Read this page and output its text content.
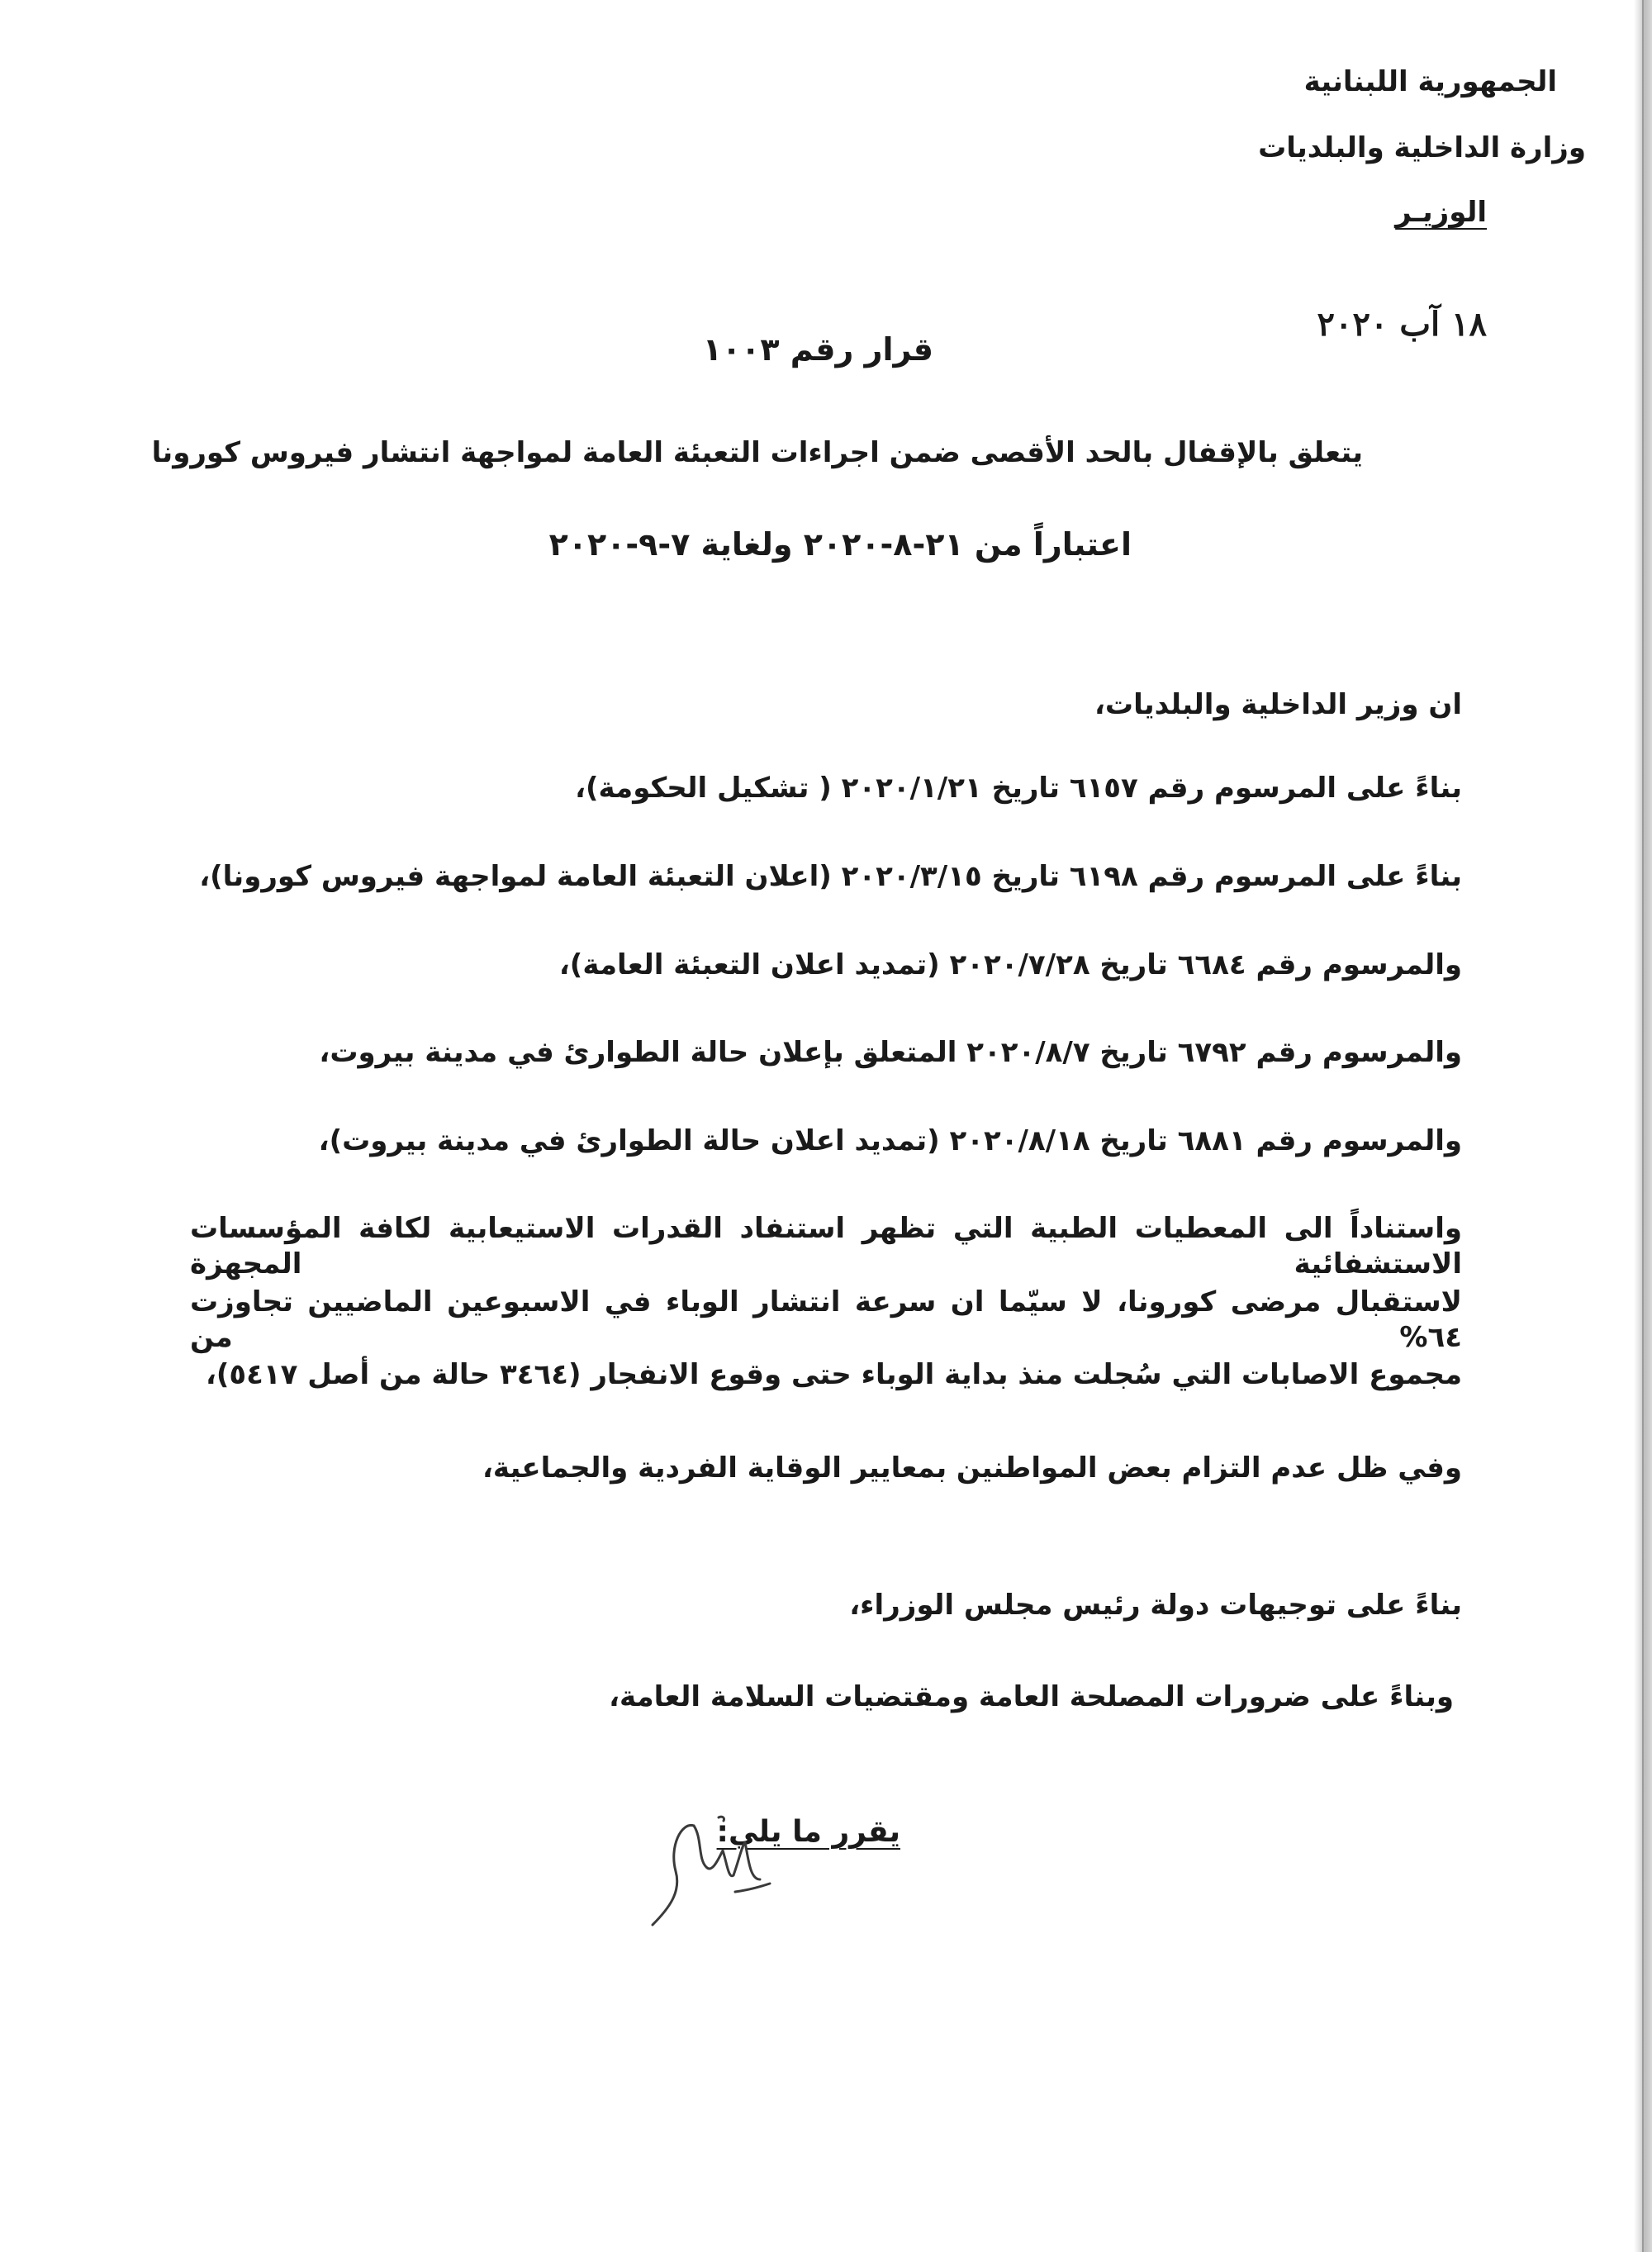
الجمهورية اللبنانية
وزارة الداخلية والبلديات
الوزيـر
١٨ آب ٢٠٢٠
قرار رقم ١٠٠٣
يتعلق بالإقفال بالحد الأقصى ضمن اجراءات التعبئة العامة لمواجهة انتشار فيروس كورونا
اعتباراً من ٢١-٨-٢٠٢٠ ولغاية ٧-٩-٢٠٢٠
ان وزير الداخلية والبلديات،
بناءً على المرسوم رقم ٦١٥٧ تاريخ ٢٠٢٠/١/٢١ ( تشكيل الحكومة)،
بناءً على المرسوم رقم ٦١٩٨ تاريخ ٢٠٢٠/٣/١٥ (اعلان التعبئة العامة لمواجهة فيروس كورونا)،
والمرسوم رقم ٦٦٨٤ تاريخ ٢٠٢٠/٧/٢٨ (تمديد اعلان التعبئة العامة)،
والمرسوم رقم ٦٧٩٢ تاريخ ٢٠٢٠/٨/٧ المتعلق بإعلان حالة الطوارئ في مدينة بيروت،
والمرسوم رقم ٦٨٨١ تاريخ ٢٠٢٠/٨/١٨ (تمديد اعلان حالة الطوارئ في مدينة بيروت)،
واستناداً الى المعطيات الطبية التي تظهر استنفاد القدرات الاستيعابية لكافة المؤسسات الاستشفائية المجهزة
لاستقبال مرضى كورونا، لا سيّما ان سرعة انتشار الوباء في الاسبوعين الماضيين تجاوزت ٦٤% من
مجموع الاصابات التي سُجلت منذ بداية الوباء حتى وقوع الانفجار (٣٤٦٤ حالة من أصل ٥٤١٧)،
وفي ظل عدم التزام بعض المواطنين بمعايير الوقاية الفردية والجماعية،
بناءً على توجيهات دولة رئيس مجلس الوزراء،
وبناءً على ضرورات المصلحة العامة ومقتضيات السلامة العامة،
يقرر ما يلي:
